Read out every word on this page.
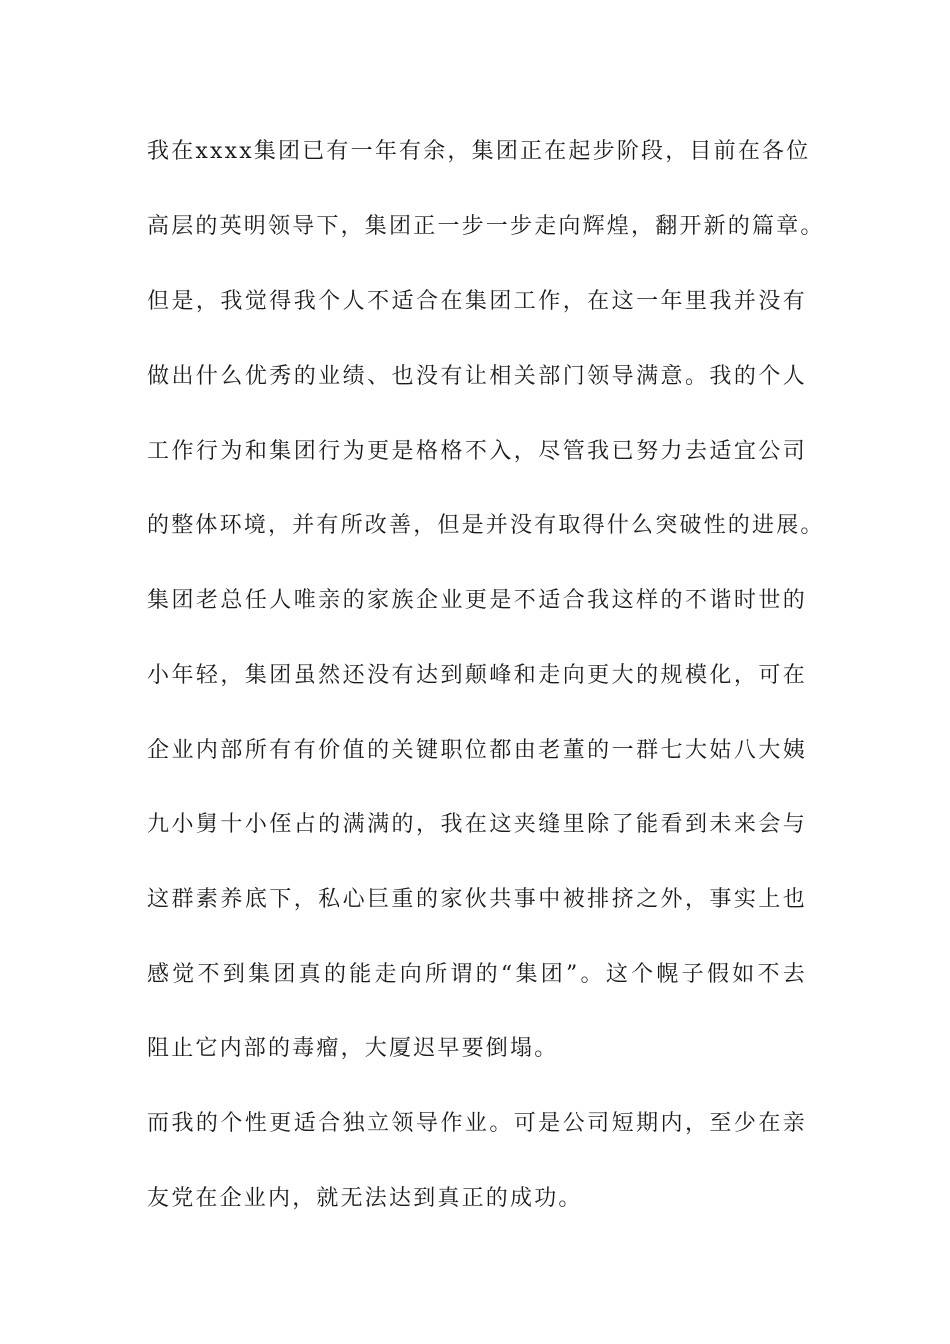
我在xxxx集团已有一年有余，集团正在起步阶段，目前在各位
高层的英明领导下，集团正一步一步走向辉煌，翻开新的篇章。
但是，我觉得我个人不适合在集团工作，在这一年里我并没有
做出什么优秀的业绩、也没有让相关部门领导满意。我的个人
工作行为和集团行为更是格格不入，尽管我已努力去适宜公司
的整体环境，并有所改善，但是并没有取得什么突破性的进展。
集团老总任人唯亲的家族企业更是不适合我这样的不谐时世的
小年轻，集团虽然还没有达到颠峰和走向更大的规模化，可在
企业内部所有有价值的关键职位都由老董的一群七大姑八大姨
九小舅十小侄占的满满的，我在这夹缝里除了能看到未来会与
这群素养底下，私心巨重的家伙共事中被排挤之外，事实上也
感觉不到集团真的能走向所谓的“集团”。这个幌子假如不去
阻止它内部的毒瘤，大厦迟早要倒塌。
而我的个性更适合独立领导作业。可是公司短期内，至少在亲
友党在企业内，就无法达到真正的成功。
